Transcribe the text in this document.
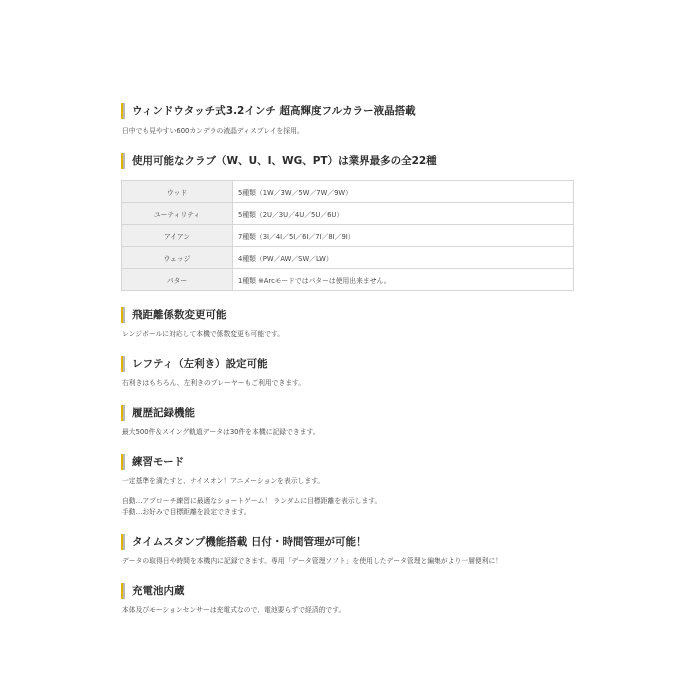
ウィンドウタッチ式3.2インチ 超高輝度フルカラー液晶搭載
日中でも見やすい600カンデラの液晶ディスプレイを採用。
使用可能なクラブ（W、U、I、WG、PT）は業界最多の全22種
ウッド	5種類（1W／3W／5W／7W／9W）
ユーティリティ	5種類（2U／3U／4U／5U／6U）
アイアン	7種類（3I／4I／5I／6I／7I／8I／9I）
ウェッジ	4種類（PW／AW／SW／LW）
パター	1種類 ※Arcモードではパターは使用出来ません。
飛距離係数変更可能
レンジボールに対応して本機で係数変更も可能です。
レフティ（左利き）設定可能
右利きはもちろん、左利きのプレーヤーもご利用できます。
履歴記録機能
最大500件＆スイング軌道データは30件を本機に記録できます。
練習モード
一定基準を満たすと、ナイスオン！アニメーションを表示します。
自動…アプローチ練習に最適なショートゲーム！ ランダムに目標距離を表示します。
手動…お好みで目標距離を設定できます。
タイムスタンプ機能搭載 日付・時間管理が可能！
データの取得日や時間を本機内に記録できます。専用「データ管理ソフト」を使用したデータ管理と編集がより一層便利に！
充電池内蔵
本体及びモーションセンサーは充電式なので、電池要らずで経済的です。
